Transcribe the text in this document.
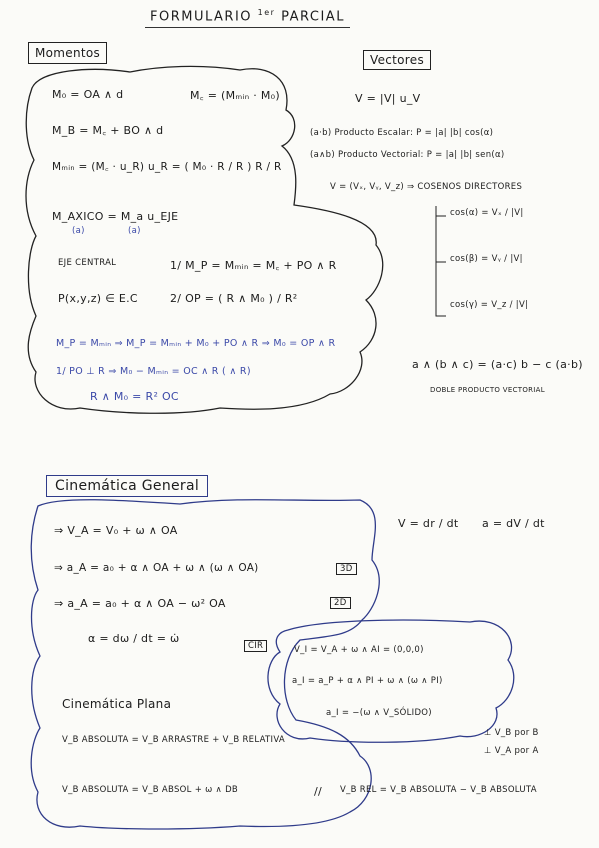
FORMULARIO $^{1er}$ PARCIAL
Momentos
M₀ = OA ∧ d	M꜀ = (Mₘᵢₙ · M₀)
M_B = M꜀ + BO ∧ d
Mₘᵢₙ = (M꜀ · u_R) u_R = ( M₀ · R / R ) R / R
M_AXICO = M_a u_EJE
(a)	(a)
EJE CENTRAL	1/ M_P = Mₘᵢₙ = M꜀ + PO ∧ R
P(x,y,z) ∈ E.C	2/ OP = ( R ∧ M₀ ) / R²
M_P = Mₘᵢₙ ⇒ M_P = Mₘᵢₙ + M₀ + PO ∧ R ⇒ M₀ = OP ∧ R
1/ PO ⊥ R ⇒ M₀ − Mₘᵢₙ = OC ∧ R ( ∧ R)
R ∧ M₀ = R² OC
Vectores
V = |V| u_V
(a·b) Producto Escalar: P = |a| |b| cos(α)
(a∧b) Producto Vectorial: P = |a| |b| sen(α)
V = (Vₓ, Vᵧ, V_z) ⇒ COSENOS DIRECTORES
cos(α) = Vₓ / |V|
cos(β) = Vᵧ / |V|
cos(γ) = V_z / |V|
a ∧ (b ∧ c) = (a·c) b − c (a·b)
DOBLE PRODUCTO VECTORIAL
Cinemática General
⇒ V_A = V₀ + ω ∧ OA
⇒ a_A = a₀ + α ∧ OA + ω ∧ (ω ∧ OA)	3D
⇒ a_A = a₀ + α ∧ OA − ω² OA	2D
α = dω / dt = ω̇
CIR	V_I = V_A + ω ∧ AI = (0,0,0)
a_I = a_P + α ∧ PI + ω ∧ (ω ∧ PI)
a_I = −(ω ∧ V_SÓLIDO)
V = dr / dt a = dV / dt
Cinemática Plana
V_B ABSOLUTA = V_B ARRASTRE + V_B RELATIVA
⊥ V_B por B
⊥ V_A por A
V_B ABSOLUTA = V_B ABSOL + ω ∧ DB	// V_B REL = V_B ABSOLUTA − V_B ABSOLUTA
